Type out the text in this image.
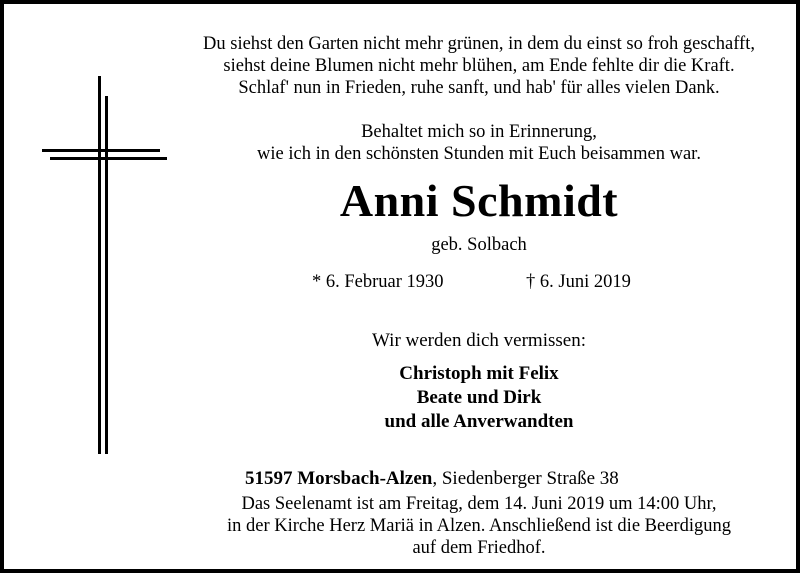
Du siehst den Garten nicht mehr grünen, in dem du einst so froh geschafft,
siehst deine Blumen nicht mehr blühen, am Ende fehlte dir die Kraft.
Schlaf' nun in Frieden, ruhe sanft, und hab' für alles vielen Dank.
Behaltet mich so in Erinnerung,
wie ich in den schönsten Stunden mit Euch beisammen war.
Anni Schmidt
geb. Solbach
* 6. Februar 1930	† 6. Juni 2019
Wir werden dich vermissen:
Christoph mit Felix
Beate und Dirk
und alle Anverwandten
51597 Morsbach-Alzen, Siedenberger Straße 38
Das Seelenamt ist am Freitag, dem 14. Juni 2019 um 14:00 Uhr,
in der Kirche Herz Mariä in Alzen. Anschließend ist die Beerdigung
auf dem Friedhof.
